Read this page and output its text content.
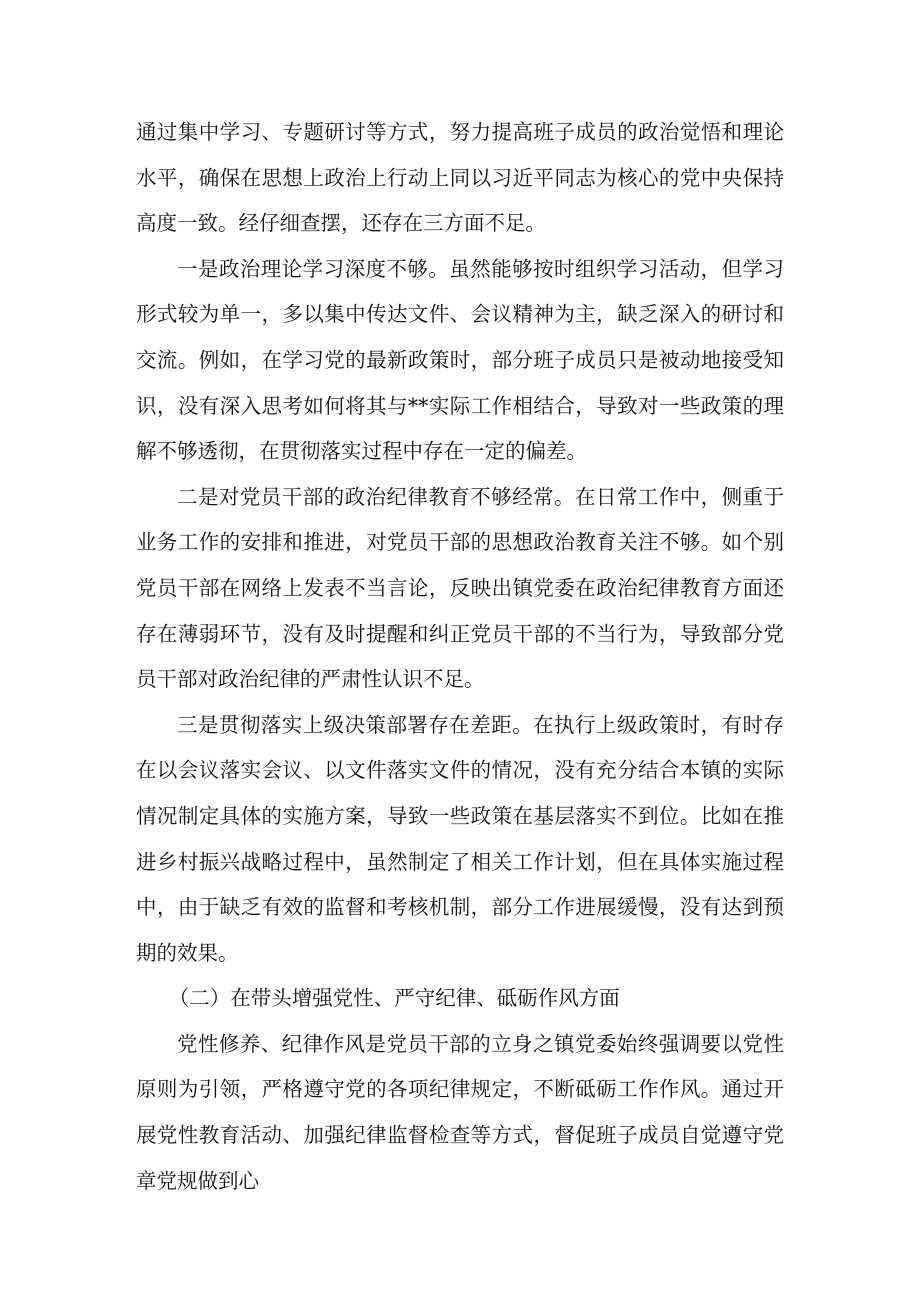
通过集中学习、专题研讨等方式，努力提高班子成员的政治觉悟和理论水平，确保在思想上政治上行动上同以习近平同志为核心的党中央保持高度一致。经仔细查摆，还存在三方面不足。

一是政治理论学习深度不够。虽然能够按时组织学习活动，但学习形式较为单一，多以集中传达文件、会议精神为主，缺乏深入的研讨和交流。例如，在学习党的最新政策时，部分班子成员只是被动地接受知识，没有深入思考如何将其与**实际工作相结合，导致对一些政策的理解不够透彻，在贯彻落实过程中存在一定的偏差。

二是对党员干部的政治纪律教育不够经常。在日常工作中，侧重于业务工作的安排和推进，对党员干部的思想政治教育关注不够。如个别党员干部在网络上发表不当言论，反映出镇党委在政治纪律教育方面还存在薄弱环节，没有及时提醒和纠正党员干部的不当行为，导致部分党员干部对政治纪律的严肃性认识不足。

三是贯彻落实上级决策部署存在差距。在执行上级政策时，有时存在以会议落实会议、以文件落实文件的情况，没有充分结合本镇的实际情况制定具体的实施方案，导致一些政策在基层落实不到位。比如在推进乡村振兴战略过程中，虽然制定了相关工作计划，但在具体实施过程中，由于缺乏有效的监督和考核机制，部分工作进展缓慢，没有达到预期的效果。

（二）在带头增强党性、严守纪律、砥砺作风方面

党性修养、纪律作风是党员干部的立身之镇党委始终强调要以党性原则为引领，严格遵守党的各项纪律规定，不断砥砺工作作风。通过开展党性教育活动、加强纪律监督检查等方式，督促班子成员自觉遵守党章党规做到心
